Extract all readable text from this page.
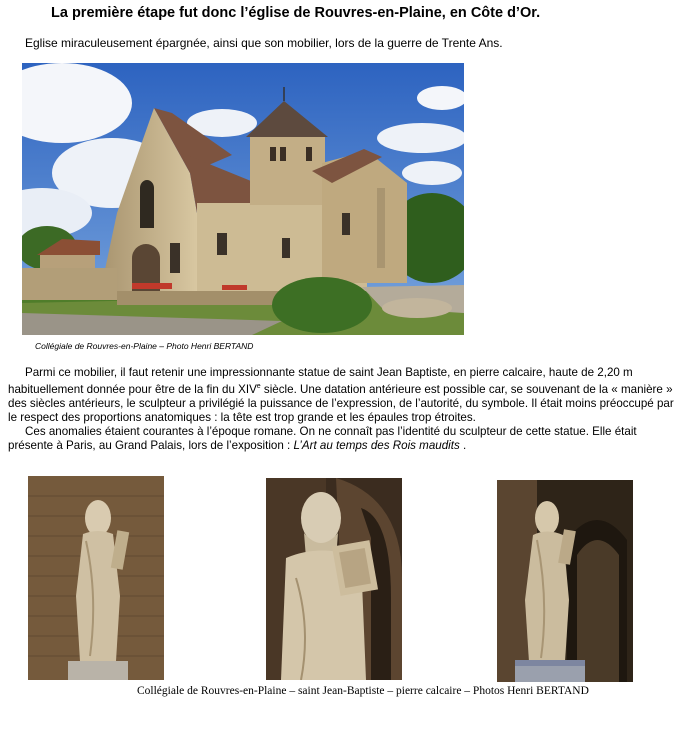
La première étape fut donc l’église de Rouvres-en-Plaine, en Côte d’Or.
Eglise miraculeusement épargnée, ainsi que son mobilier, lors de la guerre de Trente Ans.
Collégiale de Rouvres-en-Plaine – Photo Henri BERTAND

Parmi ce mobilier, il faut retenir une impressionnante statue de saint Jean Baptiste, en pierre calcaire, haute de 2,20 m habituellement donnée pour être de la fin du XIVe siècle. Une datation antérieure est possible car, se souvenant de la « manière » des siècles antérieurs, le sculpteur a privilégié la puissance de l’expression, de l’autorité, du symbole. Il était moins préoccupé par le respect des proportions anatomiques : la tête est trop grande et les épaules trop étroites.

Ces anomalies étaient courantes à l’époque romane. On ne connaît pas l’identité du sculpteur de cette statue. Elle était présente à Paris, au Grand Palais, lors de l’exposition : L’Art au temps des Rois maudits .

Collégiale de Rouvres-en-Plaine – saint Jean-Baptiste – pierre calcaire – Photos Henri BERTAND
